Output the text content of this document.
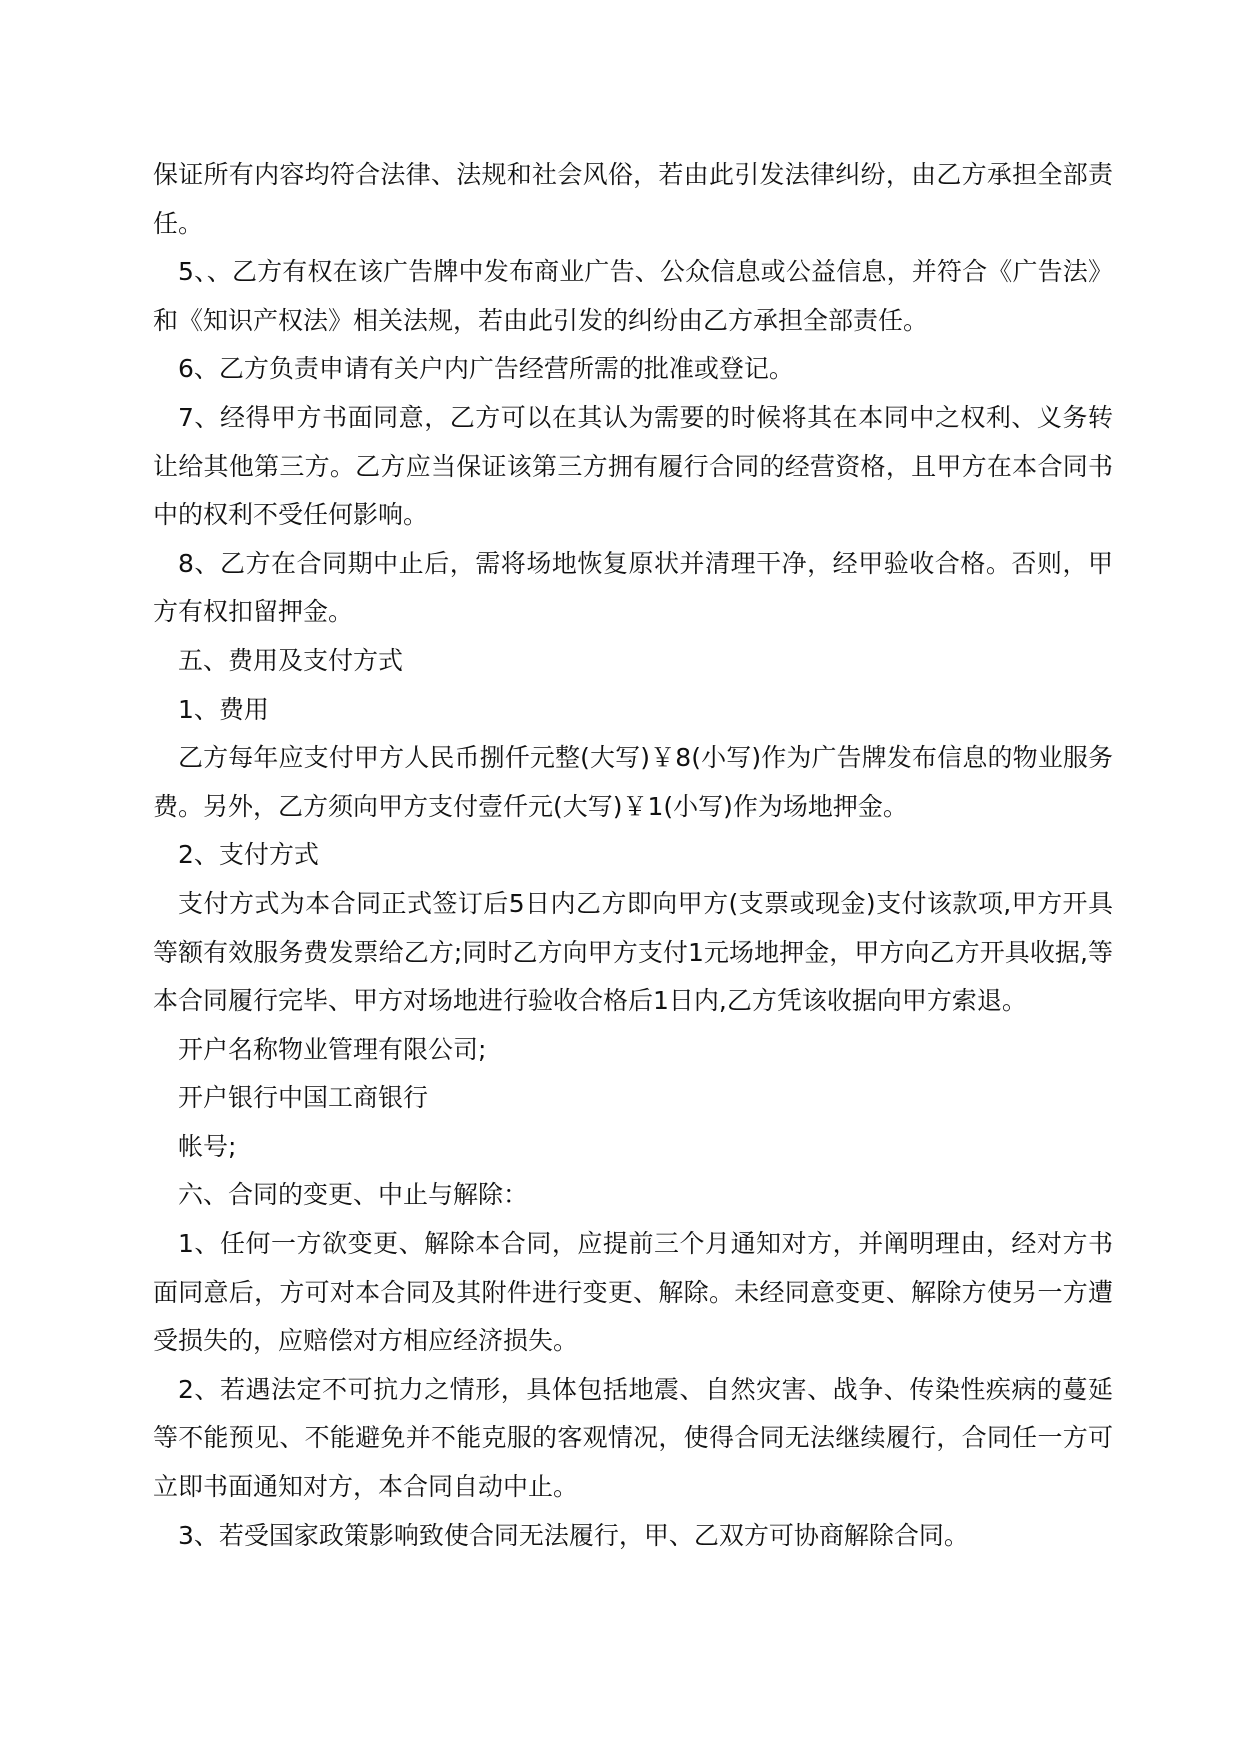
保证所有内容均符合法律、法规和社会风俗，若由此引发法律纠纷，由乙方承担全部责任。

5、、乙方有权在该广告牌中发布商业广告、公众信息或公益信息，并符合《广告法》和《知识产权法》相关法规，若由此引发的纠纷由乙方承担全部责任。

6、乙方负责申请有关户内广告经营所需的批准或登记。

7、经得甲方书面同意，乙方可以在其认为需要的时候将其在本同中之权利、义务转让给其他第三方。乙方应当保证该第三方拥有履行合同的经营资格，且甲方在本合同书中的权利不受任何影响。

8、乙方在合同期中止后，需将场地恢复原状并清理干净，经甲验收合格。否则，甲方有权扣留押金。

五、费用及支付方式

1、费用

乙方每年应支付甲方人民币捌仟元整(大写)￥8(小写)作为广告牌发布信息的物业服务费。另外，乙方须向甲方支付壹仟元(大写)￥1(小写)作为场地押金。

2、支付方式

支付方式为本合同正式签订后5日内乙方即向甲方(支票或现金)支付该款项,甲方开具等额有效服务费发票给乙方;同时乙方向甲方支付1元场地押金，甲方向乙方开具收据,等本合同履行完毕、甲方对场地进行验收合格后1日内,乙方凭该收据向甲方索退。

开户名称物业管理有限公司;

开户银行中国工商银行

帐号;

六、合同的变更、中止与解除：

1、任何一方欲变更、解除本合同，应提前三个月通知对方，并阐明理由，经对方书面同意后，方可对本合同及其附件进行变更、解除。未经同意变更、解除方使另一方遭受损失的，应赔偿对方相应经济损失。

2、若遇法定不可抗力之情形，具体包括地震、自然灾害、战争、传染性疾病的蔓延等不能预见、不能避免并不能克服的客观情况，使得合同无法继续履行，合同任一方可立即书面通知对方，本合同自动中止。

3、若受国家政策影响致使合同无法履行，甲、乙双方可协商解除合同。
